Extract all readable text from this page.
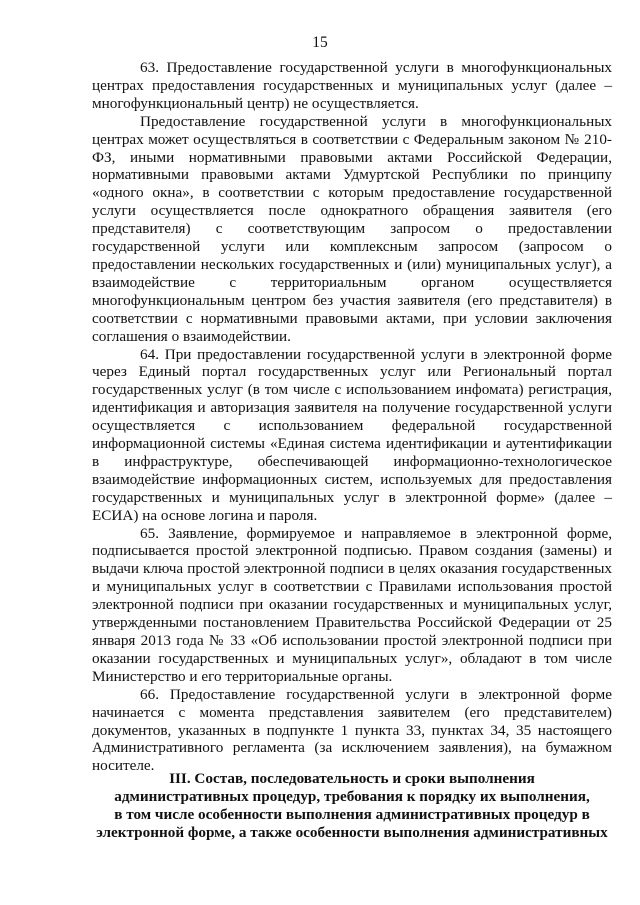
15

63. Предоставление государственной услуги в многофункциональных центрах предоставления государственных и муниципальных услуг (далее – многофункциональный центр) не осуществляется.

Предоставление государственной услуги в многофункциональных центрах может осуществляться в соответствии с Федеральным законом № 210-ФЗ, иными нормативными правовыми актами Российской Федерации, нормативными правовыми актами Удмуртской Республики по принципу «одного окна», в соответствии с которым предоставление государственной услуги осуществляется после однократного обращения заявителя (его представителя) с соответствующим запросом о предоставлении государственной услуги или комплексным запросом (запросом о предоставлении нескольких государственных и (или) муниципальных услуг), а взаимодействие с территориальным органом осуществляется многофункциональным центром без участия заявителя (его представителя) в соответствии с нормативными правовыми актами, при условии заключения соглашения о взаимодействии.

64. При предоставлении государственной услуги в электронной форме через Единый портал государственных услуг или Региональный портал государственных услуг (в том числе с использованием инфомата) регистрация, идентификация и авторизация заявителя на получение государственной услуги осуществляется с использованием федеральной государственной информационной системы «Единая система идентификации и аутентификации в инфраструктуре, обеспечивающей информационно-технологическое взаимодействие информационных систем, используемых для предоставления государственных и муниципальных услуг в электронной форме» (далее – ЕСИА) на основе логина и пароля.

65. Заявление, формируемое и направляемое в электронной форме, подписывается простой электронной подписью. Правом создания (замены) и выдачи ключа простой электронной подписи в целях оказания государственных и муниципальных услуг в соответствии с Правилами использования простой электронной подписи при оказании государственных и муниципальных услуг, утвержденными постановлением Правительства Российской Федерации от 25 января 2013 года № 33 «Об использовании простой электронной подписи при оказании государственных и муниципальных услуг», обладают в том числе Министерство и его территориальные органы.

66. Предоставление государственной услуги в электронной форме начинается с момента представления заявителем (его представителем) документов, указанных в подпункте 1 пункта 33, пунктах 34, 35 настоящего Административного регламента (за исключением заявления), на бумажном носителе.

III. Состав, последовательность и сроки выполнения
административных процедур, требования к порядку их выполнения,
в том числе особенности выполнения административных процедур в
электронной форме, а также особенности выполнения административных
